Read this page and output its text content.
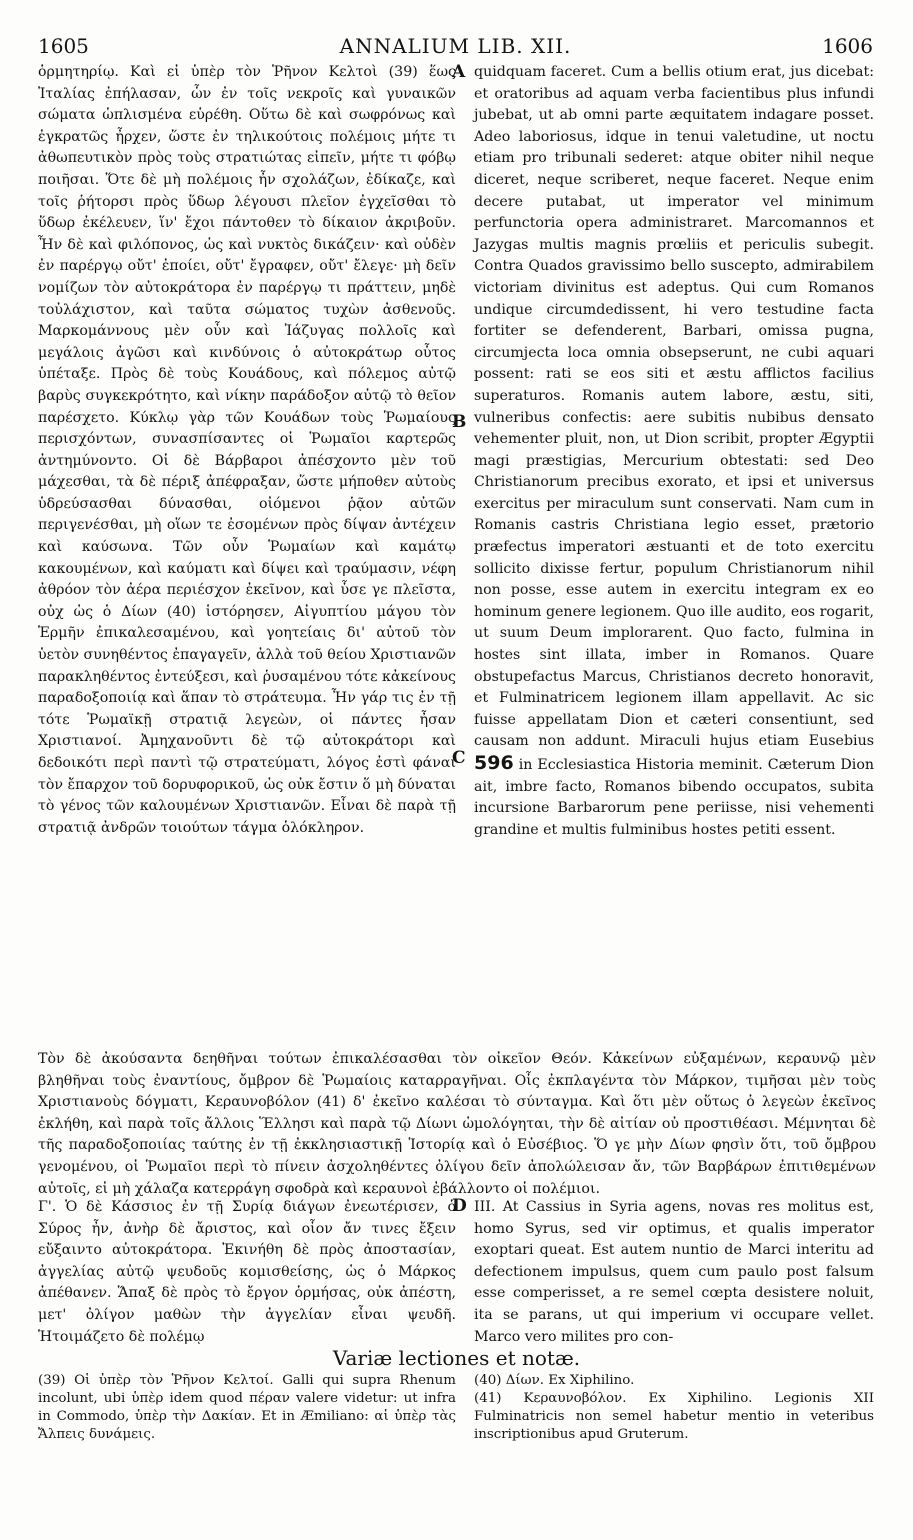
1605	ANNALIUM LIB. XII.	1606

ὁρμητηρίῳ. Καὶ εἰ ὑπὲρ τὸν Ῥῆνον Κελτοὶ (39) ἕως Ἰταλίας ἐπήλασαν, ὧν ἐν τοῖς νεκροῖς καὶ γυναικῶν σώματα ὡπλισμένα εὑρέθη. Οὕτω δὲ καὶ σωφρόνως καὶ ἐγκρατῶς ἦρχεν, ὥστε ἐν τηλικούτοις πολέμοις μήτε τι ἀθωπευτικὸν πρὸς τοὺς στρατιώτας εἰπεῖν, μήτε τι φόβῳ ποιῆσαι. Ὅτε δὲ μὴ πολέμοις ἦν σχολάζων, ἐδίκαζε, καὶ τοῖς ῥήτορσι πρὸς ὕδωρ λέγουσι πλεῖον ἐγχεῖσθαι τὸ ὕδωρ ἐκέλευεν, ἵν' ἔχοι πάντοθεν τὸ δίκαιον ἀκριβοῦν. Ἦν δὲ καὶ φιλόπονος, ὡς καὶ νυκτὸς δικάζειν· καὶ οὐδὲν ἐν παρέργῳ οὔτ' ἐποίει, οὔτ' ἔγραφεν, οὔτ' ἔλεγε· μὴ δεῖν νομίζων τὸν αὐτοκράτορα ἐν παρέργῳ τι πράττειν, μηδὲ τοὐλάχιστον, καὶ ταῦτα σώματος τυχὼν ἀσθενοῦς. Μαρκομάννους μὲν οὖν καὶ Ἰάζυγας πολλοῖς καὶ μεγάλοις ἀγῶσι καὶ κινδύνοις ὁ αὐτοκράτωρ οὗτος ὑπέταξε. Πρὸς δὲ τοὺς Κουάδους, καὶ πόλεμος αὐτῷ βαρὺς συγκεκρότητο, καὶ νίκην παράδοξον αὐτῷ τὸ θεῖον παρέσχετο. Κύκλῳ γὰρ τῶν Κουάδων τοὺς Ῥωμαίους περισχόντων, συνασπίσαντες οἱ Ῥωμαῖοι καρτερῶς ἀντημύνοντο. Οἱ δὲ Βάρβαροι ἀπέσχοντο μὲν τοῦ μάχεσθαι, τὰ δὲ πέριξ ἀπέφραξαν, ὥστε μήποθεν αὐτοὺς ὑδρεύσασθαι δύνασθαι, οἰόμενοι ῥᾷον αὐτῶν περιγενέσθαι, μὴ οἵων τε ἐσομένων πρὸς δίψαν ἀντέχειν καὶ καύσωνα. Τῶν οὖν Ῥωμαίων καὶ καμάτῳ κακουμένων, καὶ καύματι καὶ δίψει καὶ τραύμασιν, νέφη ἀθρόον τὸν ἀέρα περιέσχον ἐκεῖνον, καὶ ὗσε γε πλεῖστα, οὐχ ὡς ὁ Δίων (40) ἱστόρησεν, Αἰγυπτίου μάγου τὸν Ἑρμῆν ἐπικαλεσαμένου, καὶ γοητείαις δι' αὐτοῦ τὸν ὑετὸν συνηθέντος ἐπαγαγεῖν, ἀλλὰ τοῦ θείου Χριστιανῶν παρακληθέντος ἐντεύξεσι, καὶ ῥυσαμένου τότε κἀκείνους παραδοξοποιίᾳ καὶ ἅπαν τὸ στράτευμα. Ἦν γάρ τις ἐν τῇ τότε Ῥωμαϊκῇ στρατιᾷ λεγεὼν, οἱ πάντες ἦσαν Χριστιανοί. Ἀμηχανοῦντι δὲ τῷ αὐτοκράτορι καὶ δεδοικότι περὶ παντὶ τῷ στρατεύματι, λόγος ἐστὶ φάναι τὸν ἔπαρχον τοῦ δορυφορικοῦ, ὡς οὐκ ἔστιν ὅ μὴ δύναται τὸ γένος τῶν καλουμένων Χριστιανῶν. Εἶναι δὲ παρὰ τῇ στρατιᾷ ἀνδρῶν τοιούτων τάγμα ὁλόκληρον.

A
B
C
D

quidquam faceret. Cum a bellis otium erat, jus dicebat: et oratoribus ad aquam verba facientibus plus infundi jubebat, ut ab omni parte æquitatem indagare posset. Adeo laboriosus, idque in tenui valetudine, ut noctu etiam pro tribunali sederet: atque obiter nihil neque diceret, neque scriberet, neque faceret. Neque enim decere putabat, ut imperator vel minimum perfunctoria opera administraret. Marcomannos et Jazygas multis magnis prœliis et periculis subegit. Contra Quados gravissimo bello suscepto, admirabilem victoriam divinitus est adeptus. Qui cum Romanos undique circumdedissent, hi vero testudine facta fortiter se defenderent, Barbari, omissa pugna, circumjecta loca omnia obsepserunt, ne cubi aquari possent: rati se eos siti et æstu afflictos facilius superaturos. Romanis autem labore, æstu, siti, vulneribus confectis: aere subitis nubibus densato vehementer pluit, non, ut Dion scribit, propter Ægyptii magi præstigias, Mercurium obtestati: sed Deo Christianorum precibus exorato, et ipsi et universus exercitus per miraculum sunt conservati. Nam cum in Romanis castris Christiana legio esset, prætorio præfectus imperatori æstuanti et de toto exercitu sollicito dixisse fertur, populum Christianorum nihil non posse, esse autem in exercitu integram ex eo hominum genere legionem. Quo ille audito, eos rogarit, ut suum Deum implorarent. Quo facto, fulmina in hostes sint illata, imber in Romanos. Quare obstupefactus Marcus, Christianos decreto honoravit, et Fulminatricem legionem illam appellavit. Ac sic fuisse appellatam Dion et cæteri consentiunt, sed causam non addunt. Miraculi hujus etiam Eusebius 596 in Ecclesiastica Historia meminit. Cæterum Dion ait, imbre facto, Romanos bibendo occupatos, subita incursione Barbarorum pene periisse, nisi vehementi grandine et multis fulminibus hostes petiti essent.

Τὸν δὲ ἀκούσαντα δεηθῆναι τούτων ἐπικαλέσασθαι τὸν οἰκεῖον Θεόν. Κἀκείνων εὐξαμένων, κεραυνῷ μὲν βληθῆναι τοὺς ἐναντίους, ὄμβρον δὲ Ῥωμαίοις καταρραγῆναι. Οἷς ἐκπλαγέντα τὸν Μάρκον, τιμῆσαι μὲν τοὺς Χριστιανοὺς δόγματι, Κεραυνοβόλον (41) δ' ἐκεῖνο καλέσαι τὸ σύνταγμα. Καὶ ὅτι μὲν οὕτως ὁ λεγεὼν ἐκεῖνος ἐκλήθη, καὶ παρὰ τοῖς ἄλλοις Ἕλλησι καὶ παρὰ τῷ Δίωνι ὡμολόγηται, τὴν δὲ αἰτίαν οὐ προστιθέασι. Μέμνηται δὲ τῆς παραδοξοποιίας ταύτης ἐν τῇ ἐκκλησιαστικῇ Ἱστορίᾳ καὶ ὁ Εὐσέβιος. Ὅ γε μὴν Δίων φησὶν ὅτι, τοῦ ὄμβρου γενομένου, οἱ Ῥωμαῖοι περὶ τὸ πίνειν ἀσχοληθέντες ὀλίγου δεῖν ἀπολώλεισαν ἄν, τῶν Βαρβάρων ἐπιτιθεμένων αὐτοῖς, εἰ μὴ χάλαζα κατερράγη σφοδρὰ καὶ κεραυνοὶ ἐβάλλοντο οἱ πολέμιοι.

Γ'. Ὁ δὲ Κάσσιος ἐν τῇ Συρίᾳ διάγων ἐνεωτέρισεν, ὁ Σύρος ἦν, ἀνὴρ δὲ ἄριστος, καὶ οἷον ἄν τινες ἔξειν εὔξαιντο αὐτοκράτορα. Ἐκινήθη δὲ πρὸς ἀποστασίαν, ἀγγελίας αὐτῷ ψευδοῦς κομισθείσης, ὡς ὁ Μάρκος ἀπέθανεν. Ἅπαξ δὲ πρὸς τὸ ἔργον ὁρμήσας, οὐκ ἀπέστη, μετ' ὀλίγον μαθὼν τὴν ἀγγελίαν εἶναι ψευδῆ. Ἡτοιμάζετο δὲ πολέμῳ

III. At Cassius in Syria agens, novas res molitus est, homo Syrus, sed vir optimus, et qualis imperator exoptari queat. Est autem nuntio de Marci interitu ad defectionem impulsus, quem cum paulo post falsum esse comperisset, a re semel cœpta desistere noluit, ita se parans, ut qui imperium vi occupare vellet. Marco vero milites pro con-

Variæ lectiones et notæ.

(39) Οἱ ὑπὲρ τὸν Ῥῆνον Κελτοί. Galli qui supra Rhenum incolunt, ubi ὑπὲρ idem quod πέραν valere videtur: ut infra in Commodo, ὑπὲρ τὴν Δακίαν. Et in Æmiliano: αἱ ὑπὲρ τὰς Ἄλπεις δυνάμεις.

(40) Δίων. Ex Xiphilino.

(41) Κεραυνοβόλον. Ex Xiphilino. Legionis XII Fulminatricis non semel habetur mentio in veteribus inscriptionibus apud Gruterum.
